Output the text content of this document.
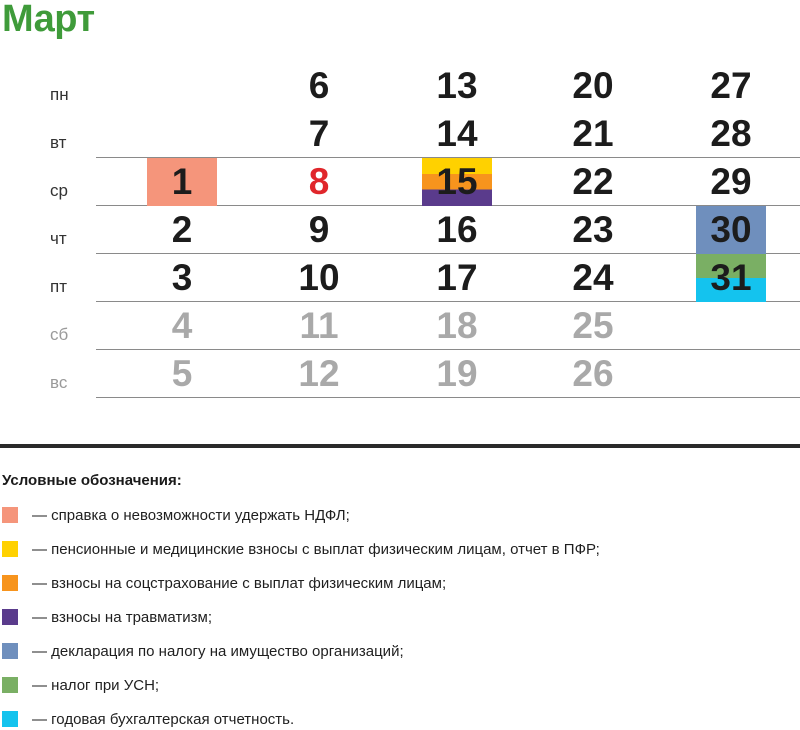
Март
пн
вт
ср
чт
пт
сб
вс
1
2
3
4
5
6
7
8
9
10
11
12
13
14
15
16
17
18
19
20
21
22
23
24
25
26
27
28
29
30
31
Условные обозначения:
— справка о невозможности удержать НДФЛ;
— пенсионные и медицинские взносы с выплат физическим лицам, отчет в ПФР;
— взносы на соцстрахование с выплат физическим лицам;
— взносы на травматизм;
— декларация по налогу на имущество организаций;
— налог при УСН;
— годовая бухгалтерская отчетность.
